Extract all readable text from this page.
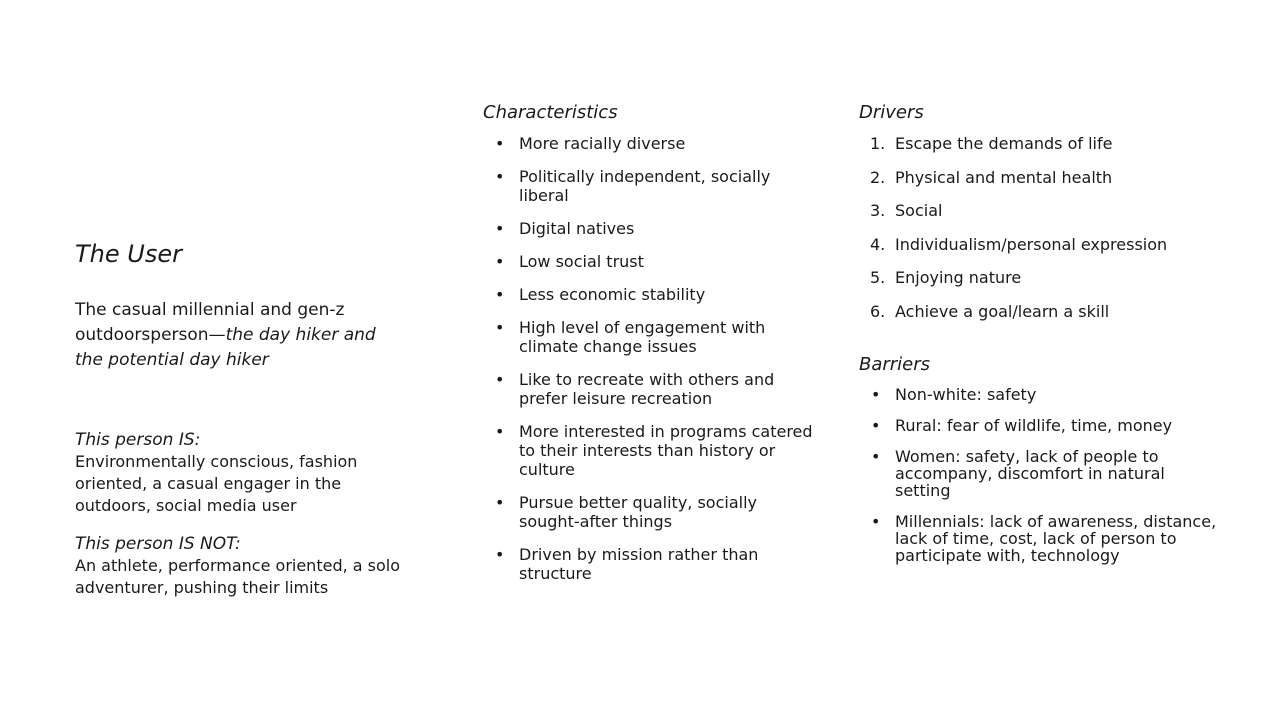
The User

The casual millennial and gen-z outdoorsperson—the day hiker and the potential day hiker

This person IS:

Environmentally conscious, fashion oriented, a casual engager in the outdoors, social media user

This person IS NOT:

An athlete, performance oriented, a solo adventurer, pushing their limits

Characteristics

• More racially diverse
• Politically independent, socially liberal
• Digital natives
• Low social trust
• Less economic stability
• High level of engagement with climate change issues
• Like to recreate with others and prefer leisure recreation
• More interested in programs catered to their interests than history or culture
• Pursue better quality, socially sought-after things
• Driven by mission rather than structure

Drivers

1. Escape the demands of life
2. Physical and mental health
3. Social
4. Individualism/personal expression
5. Enjoying nature
6. Achieve a goal/learn a skill

Barriers

• Non-white: safety
• Rural: fear of wildlife, time, money
• Women: safety, lack of people to accompany, discomfort in natural setting
• Millennials: lack of awareness, distance, lack of time, cost, lack of person to participate with, technology
